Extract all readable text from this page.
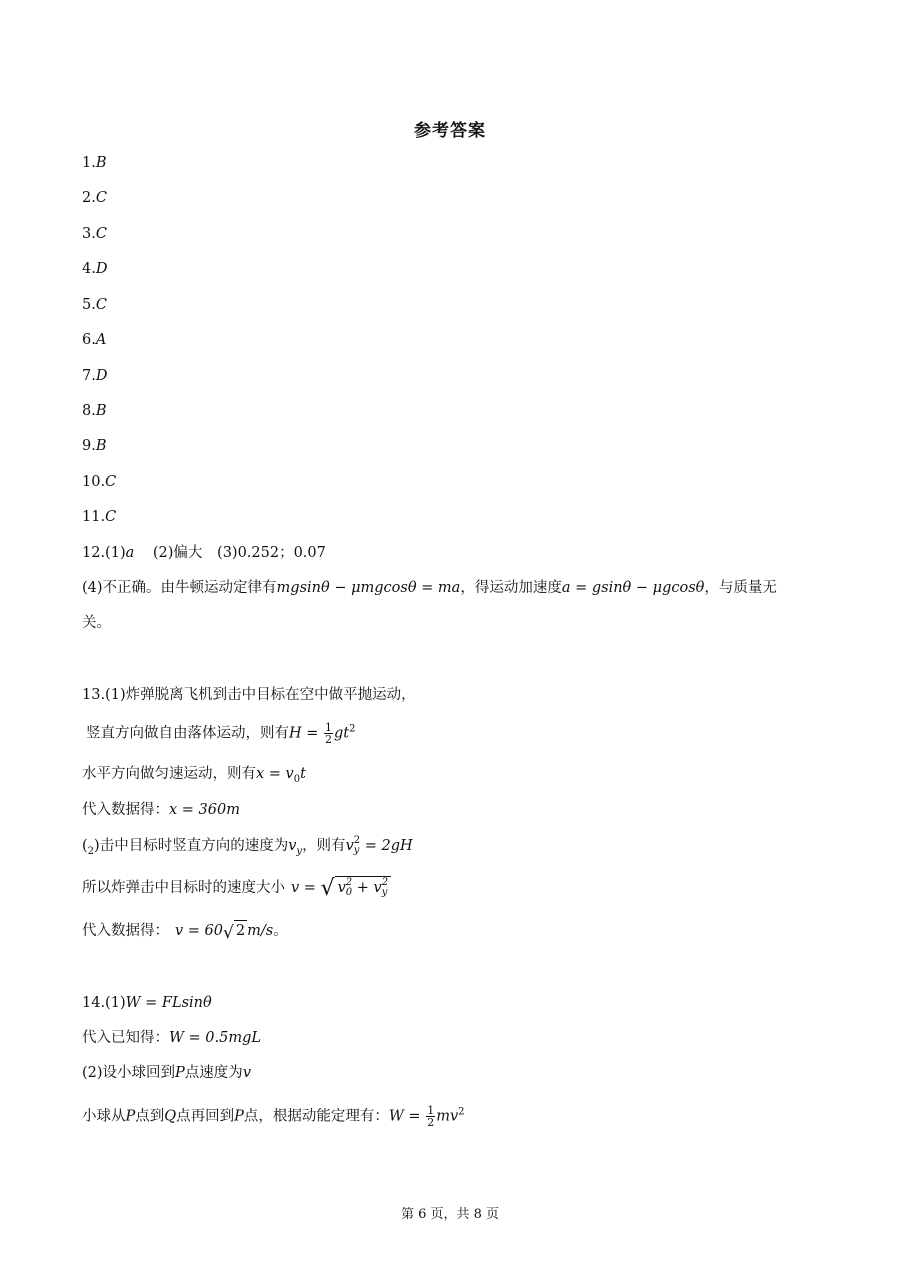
参考答案
1.B
2.C
3.C
4.D
5.C
6.A
7.D
8.B
9.B
10.C
11.C
12.(1)a (2)偏大 (3)0.252；0.07
(4)不正确。由牛顿运动定律有mgsinθ − μmgcosθ = ma，得运动加速度a = gsinθ − μgcosθ，与质量无
关。
13.(1)炸弹脱离飞机到击中目标在空中做平抛运动，
竖直方向做自由落体运动，则有$H = \frac{1}{2} gt^2$
水平方向做匀速运动，则有$x = v_0t$
代入数据得：x = 360m
$(_2)$击中目标时竖直方向的速度为$v_y$，则有v 2
y = 2gH
所以炸弹击中目标时的速度大小 v = √ v 2
0 + v 2
y
代入数据得： v = 60√ 2 m/s。
14.(1)W = FLsinθ
代入已知得：W = 0.5mgL
(2)设小球回到P点速度为v
小球从P点到Q点再回到P点，根据动能定理有：$W = \frac{1}{2} mv^2$
第 6 页，共 8 页
